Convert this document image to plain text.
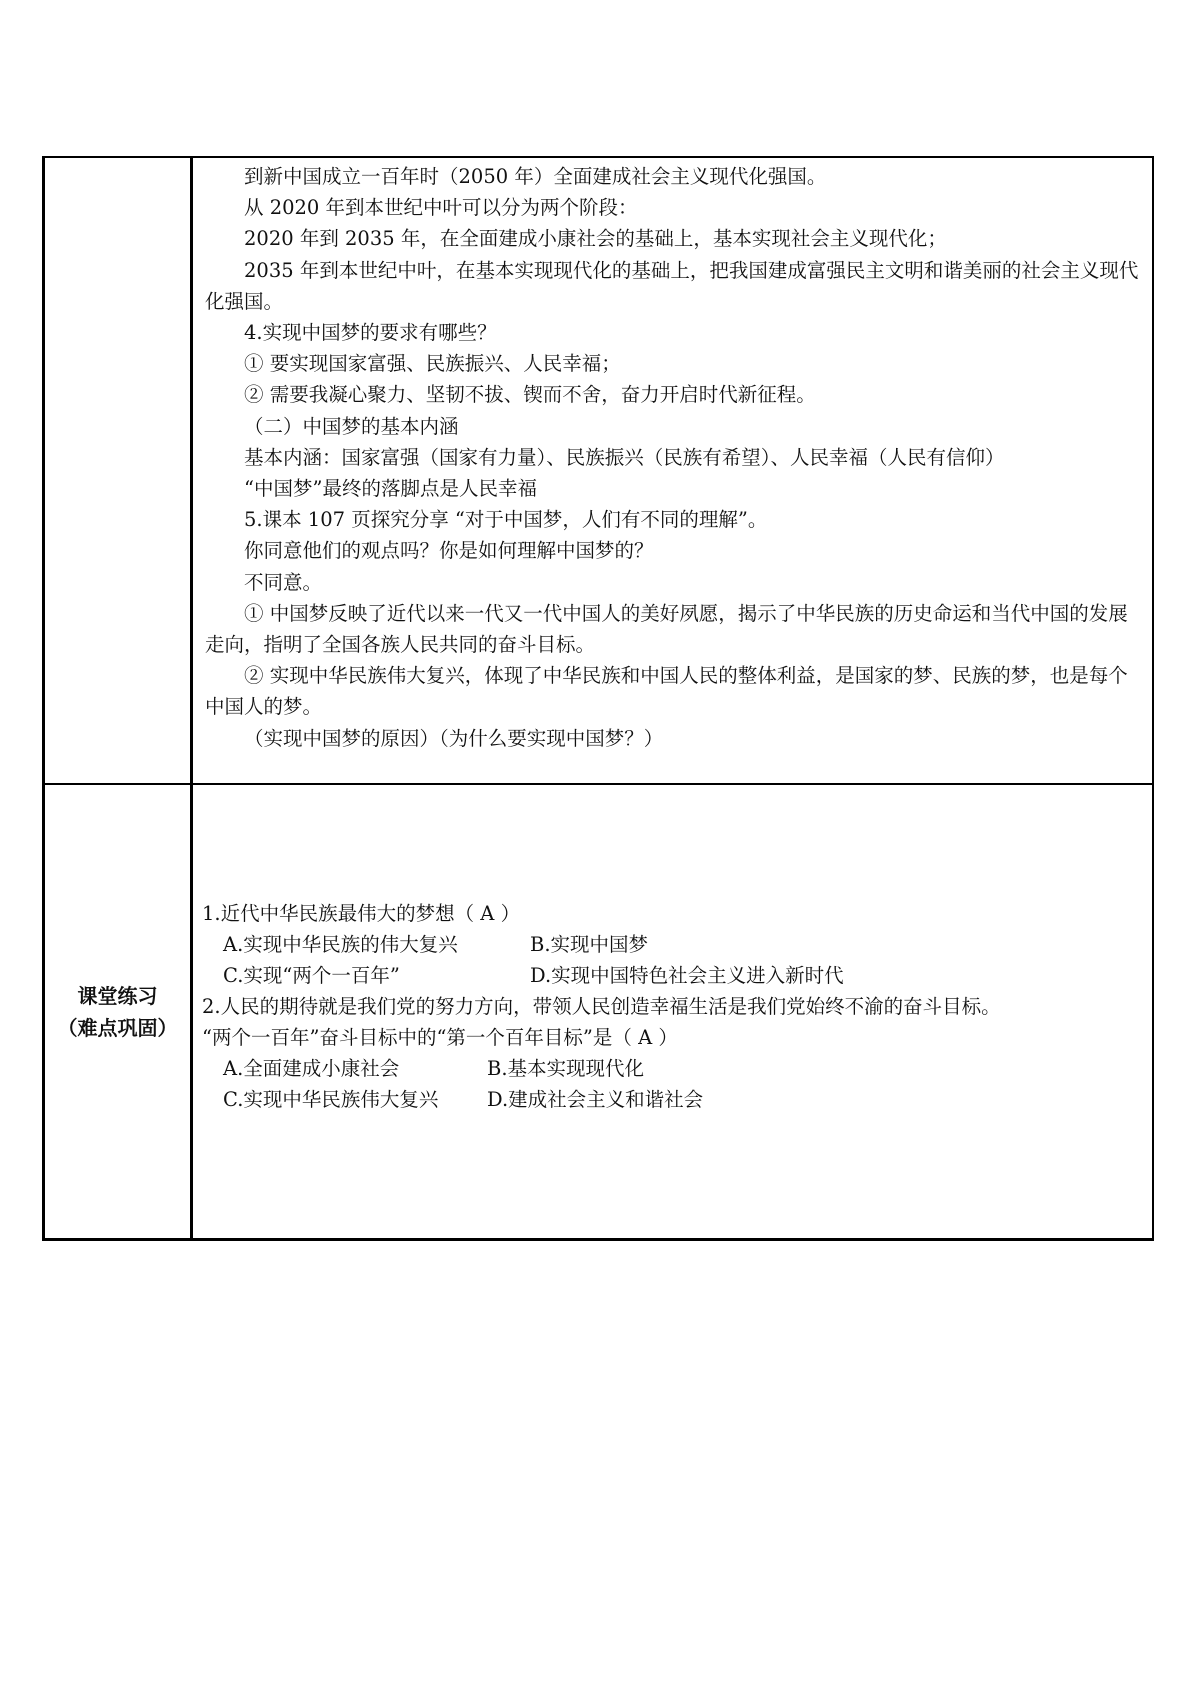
到新中国成立一百年时（2050 年）全面建成社会主义现代化强国。

从 2020 年到本世纪中叶可以分为两个阶段：

2020 年到 2035 年，在全面建成小康社会的基础上，基本实现社会主义现代化；

2035 年到本世纪中叶，在基本实现现代化的基础上，把我国建成富强民主文明和谐美丽的社会主义现代化强国。

4.实现中国梦的要求有哪些？

① 要实现国家富强、民族振兴、人民幸福；

② 需要我凝心聚力、坚韧不拔、锲而不舍，奋力开启时代新征程。

（二）中国梦的基本内涵

基本内涵：国家富强（国家有力量）、民族振兴（民族有希望）、人民幸福（人民有信仰）

“中国梦”最终的落脚点是人民幸福

5.课本 107 页探究分享 “对于中国梦，人们有不同的理解”。

你同意他们的观点吗？你是如何理解中国梦的？

不同意。

① 中国梦反映了近代以来一代又一代中国人的美好夙愿，揭示了中华民族的历史命运和当代中国的发展走向，指明了全国各族人民共同的奋斗目标。

② 实现中华民族伟大复兴，体现了中华民族和中国人民的整体利益，是国家的梦、民族的梦，也是每个中国人的梦。

（实现中国梦的原因）（为什么要实现中国梦？）

课堂练习
（难点巩固）

1.近代中华民族最伟大的梦想（ A ）

A.实现中华民族的伟大复兴	B.实现中国梦
C.实现“两个一百年”	D.实现中国特色社会主义进入新时代

2.人民的期待就是我们党的努力方向，带领人民创造幸福生活是我们党始终不渝的奋斗目标。

“两个一百年”奋斗目标中的“第一个百年目标”是（ A ）

A.全面建成小康社会	B.基本实现现代化
C.实现中华民族伟大复兴	D.建成社会主义和谐社会
